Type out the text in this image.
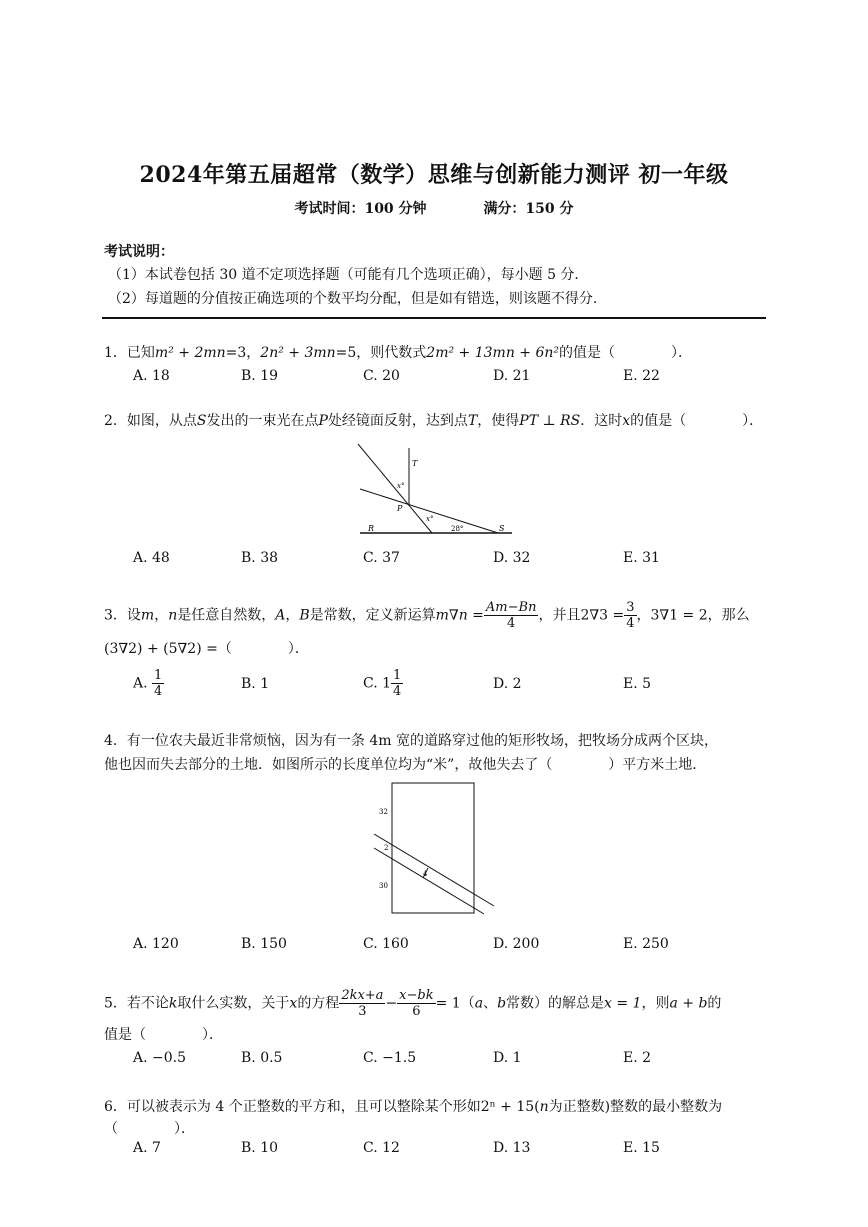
2024年第五届超常（数学）思维与创新能力测评 初一年级
考试时间：100 分钟	满分：150 分
考试说明：
（1）本试卷包括 30 道不定项选择题（可能有几个选项正确），每小题 5 分．
（2）每道题的分值按正确选项的个数平均分配，但是如有错选，则该题不得分．
1．已知m² + 2mn=3，2n² + 3mn=5，则代数式2m² + 13mn + 6n²的值是（　　　　）．
A. 18	B. 19	C. 20	D. 21	E. 22
2．如图，从点S发出的一束光在点P处经镜面反射，达到点T，使得PT ⊥ RS．这时x的值是（　　　　）．
T
x°
P
x°
28°
R	S
A. 48	B. 38	C. 37	D. 32	E. 31
3．设m，n是任意自然数，A，B是常数，定义新运算$m\nabla n = \frac{Am-Bn}{4}$ ，并且$2\nabla 3 = \frac{3}{4}$ ，3∇1 = 2，那么
(3∇2) + (5∇2) =（　　　　）．
A. $\frac{1}{4}$	B. 1	C. $1 \frac{1}{4}$	D. 2	E. 5
4．有一位农夫最近非常烦恼，因为有一条 4m 宽的道路穿过他的矩形牧场，把牧场分成两个区块，
他也因而失去部分的土地．如图所示的长度单位均为“米”，故他失去了（　　　　）平方米土地．
32
2
30
4
A. 120	B. 150	C. 160	D. 200	E. 250
5．若不论k取什么实数，关于x的方程 $\frac{2kx+a}{3} - \frac{x-bk}{6} = 1(a$、b常数）的解总是x = 1，则a + b的
值是（　　　　）．
A. −0.5	B. 0.5	C. −1.5	D. 1	E. 2
6．可以被表示为 4 个正整数的平方和，且可以整除某个形如2ⁿ + 15(n为正整数)整数的最小整数为
（　　　　）．
A. 7	B. 10	C. 12	D. 13	E. 15
